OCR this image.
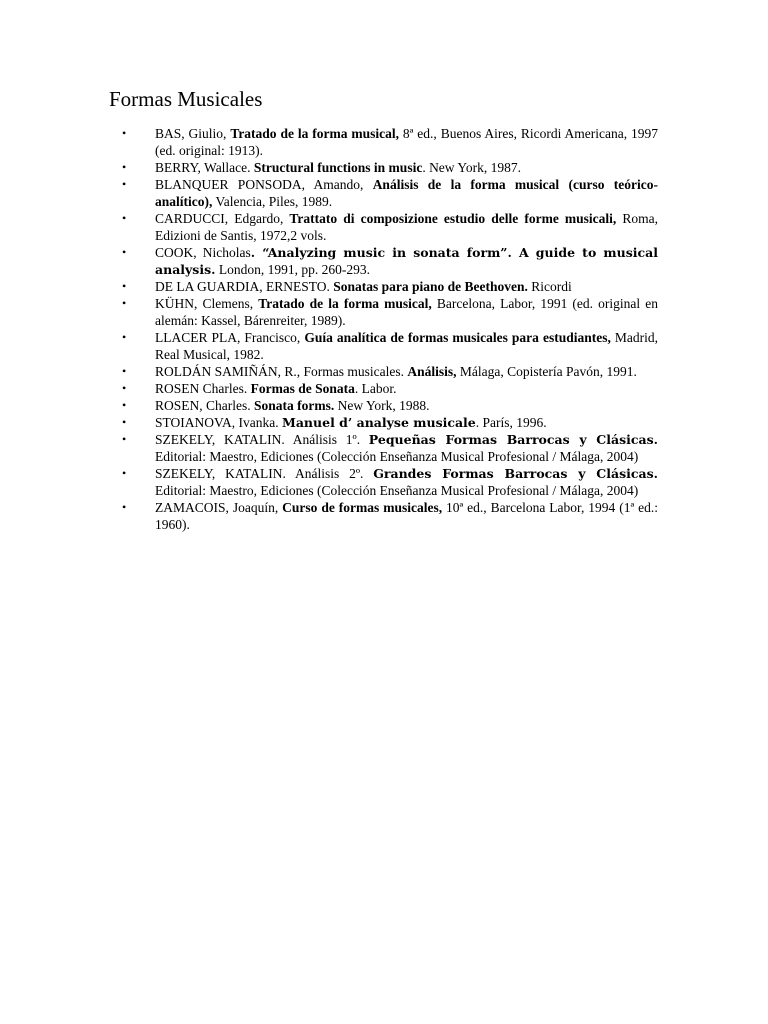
Formas Musicales
• BAS, Giulio, Tratado de la forma musical, 8ª ed., Buenos Aires, Ricordi Americana, 1997 (ed. original: 1913).
• BERRY, Wallace. Structural functions in music. New York, 1987.
• BLANQUER PONSODA, Amando, Análisis de la forma musical (curso teórico-analítico), Valencia, Piles, 1989.
• CARDUCCI, Edgardo, Trattato di composizione estudio delle forme musicali, Roma, Edizioni de Santis, 1972,2 vols.
• COOK, Nicholas. “Analyzing music in sonata form”. A guide to musical analysis. London, 1991, pp. 260-293.
• DE LA GUARDIA, ERNESTO. Sonatas para piano de Beethoven. Ricordi
• KÜHN, Clemens, Tratado de la forma musical, Barcelona, Labor, 1991 (ed. original en alemán: Kassel, Bárenreiter, 1989).
• LLACER PLA, Francisco, Guía analítica de formas musicales para estudiantes, Madrid, Real Musical, 1982.
• ROLDÁN SAMIÑÁN, R., Formas musicales. Análisis, Málaga, Copistería Pavón, 1991.
• ROSEN Charles. Formas de Sonata. Labor.
• ROSEN, Charles. Sonata forms. New York, 1988.
• STOIANOVA, Ivanka. Manuel d’ analyse musicale. París, 1996.
• SZEKELY, KATALIN. Análisis 1º. Pequeñas Formas Barrocas y Clásicas. Editorial: Maestro, Ediciones (Colección Enseñanza Musical Profesional / Málaga, 2004)
• SZEKELY, KATALIN. Análisis 2º. Grandes Formas Barrocas y Clásicas. Editorial: Maestro, Ediciones (Colección Enseñanza Musical Profesional / Málaga, 2004)
• ZAMACOIS, Joaquín, Curso de formas musicales, 10ª ed., Barcelona Labor, 1994 (1ª ed.: 1960).
